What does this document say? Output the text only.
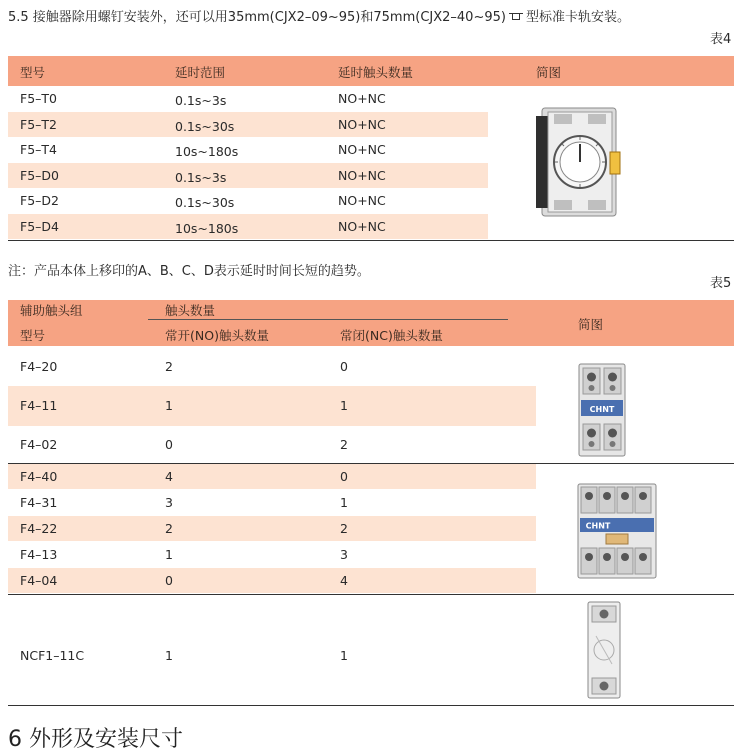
5.5 接触器除用螺钉安装外，还可以用35mm(CJX2–09~95)和75mm(CJX2–40~95) 型标准卡轨安装。
表4
型号	延时范围	延时触头数量	简图
F5–T0	0.1s~3s	NO+NC
F5–T2	0.1s~30s	NO+NC
F5–T4	10s~180s	NO+NC
F5–D0	0.1s~3s	NO+NC
F5–D2	0.1s~30s	NO+NC
F5–D4	10s~180s	NO+NC
注：产品本体上移印的A、B、C、D表示延时时间长短的趋势。
表5
辅助触头组	触头数量
型号	常开(NO)触头数量	常闭(NC)触头数量
简图
F4–20	2	0
F4–11	1	1
F4–02	0	2
F4–40	4	0
F4–31	3	1
F4–22	2	2
F4–13	1	3
F4–04	0	4
NCF1–11C	1	1
CHNT
CHNT
6 外形及安装尺寸
